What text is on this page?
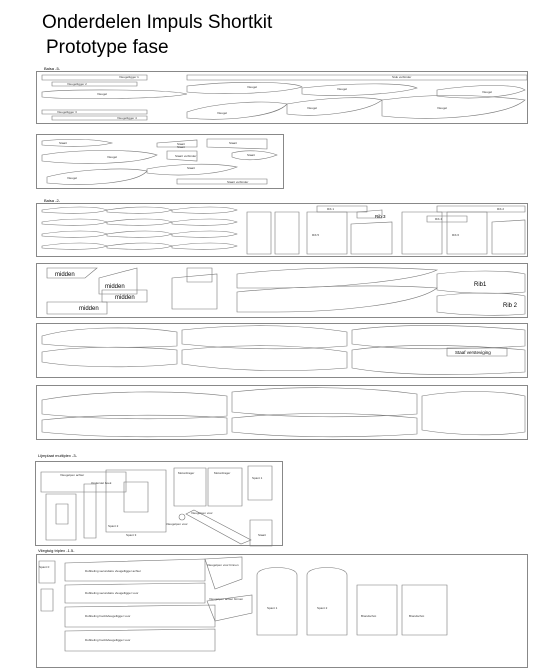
Onderdelen Impuls Shortkit
Prototype fase
Balsa -5-
Stuk verbinder
Vleugelligger 1
Vleugelligger 2
Vleugel
Vleugel	Vleugel
Vleugel
Vleugel
Vleugel	Vleugel
Vleugelligger 3
Vleugelligger 4
Staart	Staart	Staart
Vleugel
Vleugel
Staart
Staart
Staart
Staart verbinder
Staart verbinder
Balsa -2-
Rib 3
Rib 1	Rib 2
Rib 4
Rib 5	Rib 6
midden
midden
midden
midden
Rib1
Rib 2
Staaf versteviging
Lijmplaat multiplex -3-
Vleugelpen achter
Onderstel boek
Motordrager	Motordrager
Spant 1
Spant 2
Spant 3
Vleugelpen voor
Vleugelpen voor
Staart
Vliegtuig triplex -1.5-
Spant 0
Dubbeling secundaire vleugelligger achter
Dubbeling secundaire vleugelligger voor
Dubbeling hoofdvleugelligger voor
Dubbeling hoofdvleugelligger voor
Vleugelpen voor binnen
Vleugelpen achter binnen
Spant 1	Spant 2
Brandschot	Brandschot
